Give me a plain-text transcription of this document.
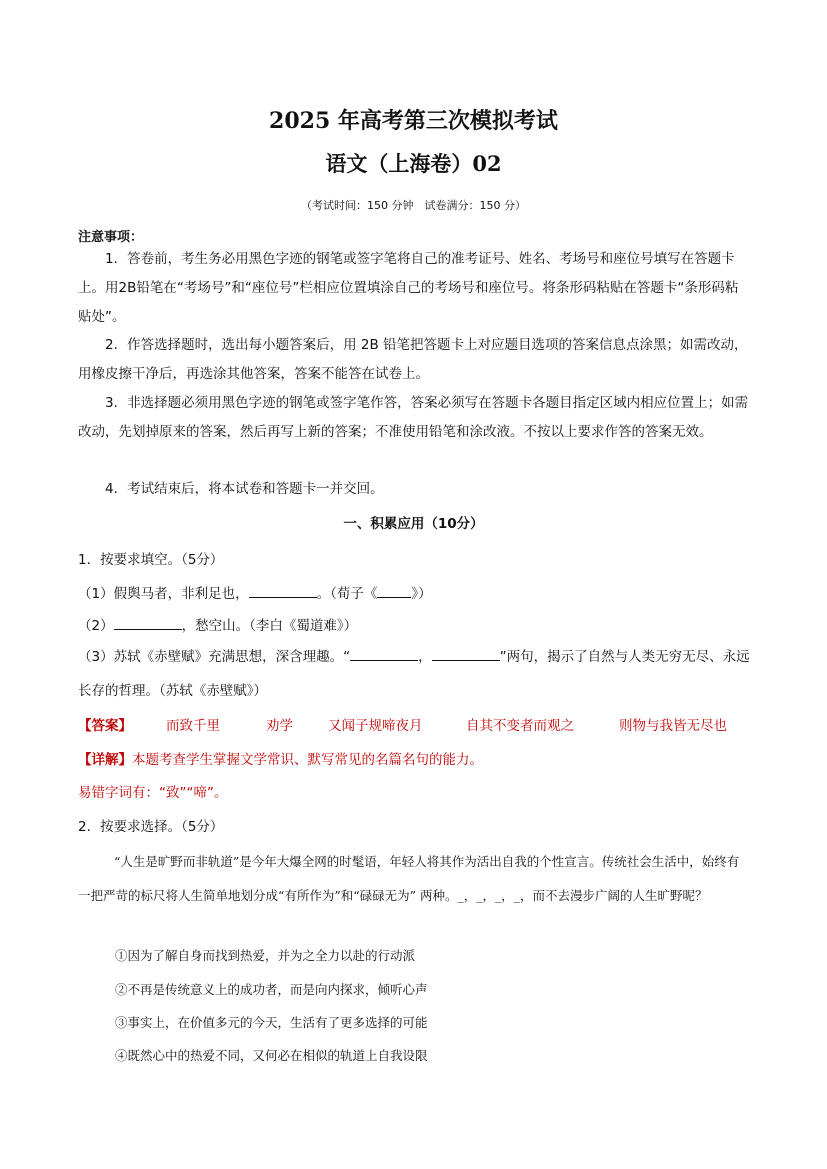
2025 年高考第三次模拟考试
语文（上海卷）02
（考试时间：150 分钟　试卷满分：150 分）
注意事项：

1．答卷前，考生务必用黑色字迹的钢笔或签字笔将自己的准考证号、姓名、考场号和座位号填写在答题卡上。用2B铅笔在“考场号”和“座位号”栏相应位置填涂自己的考场号和座位号。将条形码粘贴在答题卡“条形码粘贴处”。

2．作答选择题时，选出每小题答案后，用 2B 铅笔把答题卡上对应题目选项的答案信息点涂黑；如需改动，用橡皮擦干净后，再选涂其他答案，答案不能答在试卷上。

3．非选择题必须用黑色字迹的钢笔或签字笔作答，答案必须写在答题卡各题目指定区域内相应位置上；如需改动，先划掉原来的答案，然后再写上新的答案；不准使用铅笔和涂改液。不按以上要求作答的答案无效。

4．考试结束后，将本试卷和答题卡一并交回。

一、积累应用（10分）
1．按要求填空。（5分）
（1）假舆马者，非利足也，	。（荀子《	》）
（2）	，愁空山。（李白《蜀道难》）

（3）苏轼《赤壁赋》充满思想，深含理趣。“	，	”两句，揭示了自然与人类无穷无尽、永远长存的哲理。（苏轼《赤壁赋》）

【答案】	而致千里	劝学	又闻子规啼夜月	自其不变者而观之	则物与我皆无尽也
【详解】本题考查学生掌握文学常识、默写常见的名篇名句的能力。
易错字词有：“致”“啼”。
2．按要求选择。（5分）

“人生是旷野而非轨道”是今年大爆全网的时髦语，年轻人将其作为活出自我的个性宣言。传统社会生活中，始终有一把严苛的标尺将人生简单地划分成“有所作为”和“碌碌无为” 两种。_，_，_，_，而不去漫步广阔的人生旷野呢？

①因为了解自身而找到热爱，并为之全力以赴的行动派
②不再是传统意义上的成功者，而是向内探求，倾听心声
③事实上，在价值多元的今天，生活有了更多选择的可能
④既然心中的热爱不同，又何必在相似的轨道上自我设限
